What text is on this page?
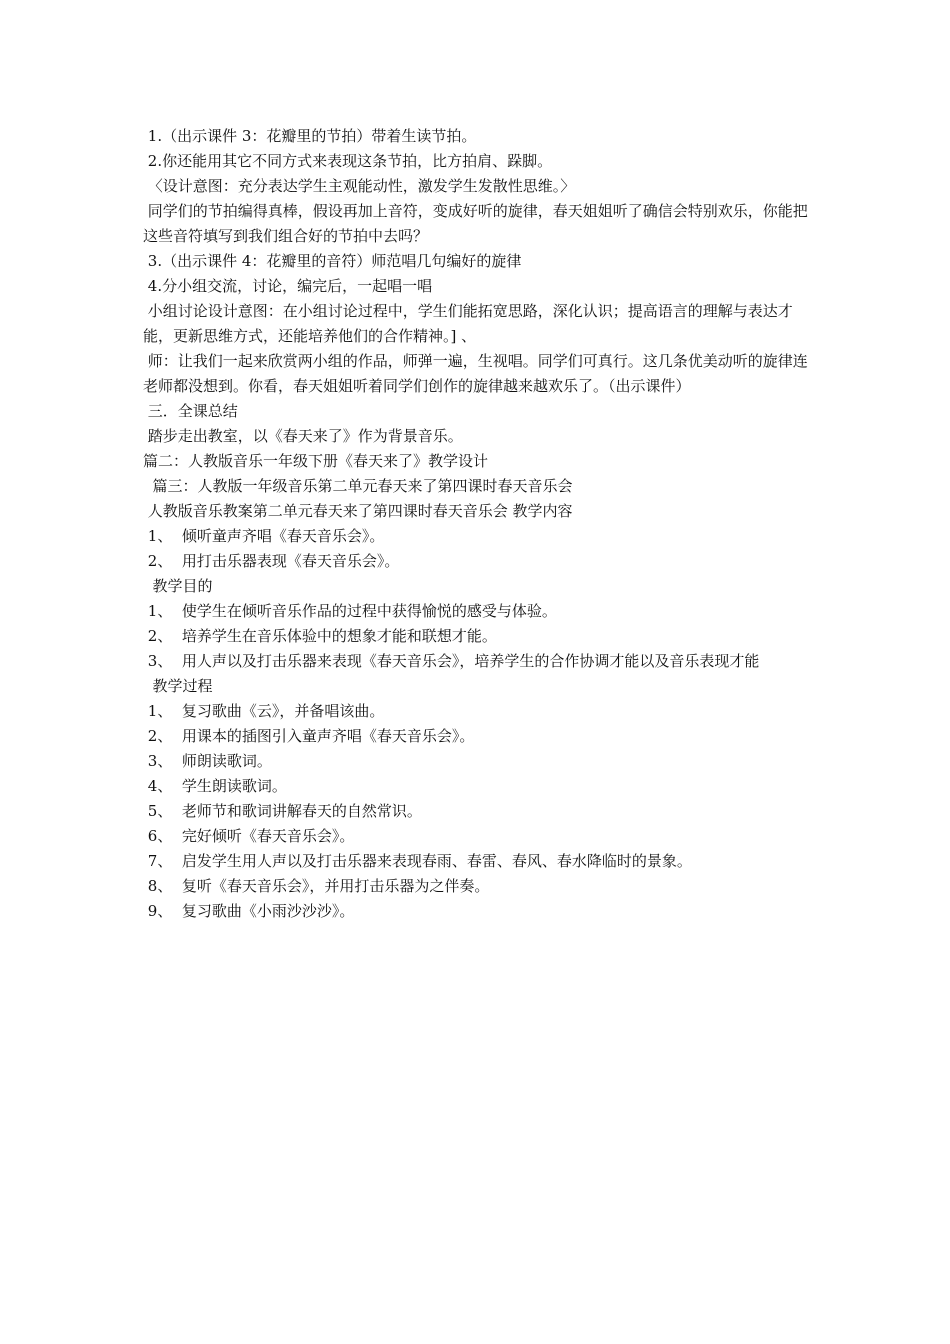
1.（出示课件 3：花瓣里的节拍）带着生读节拍。

2.你还能用其它不同方式来表现这条节拍，比方拍肩、跺脚。

〈设计意图：充分表达学生主观能动性，激发学生发散性思维。〉

同学们的节拍编得真棒，假设再加上音符，变成好听的旋律，春天姐姐听了确信会特别欢乐，你能把这些音符填写到我们组合好的节拍中去吗？

3.（出示课件 4：花瓣里的音符）师范唱几句编好的旋律

4.分小组交流，讨论，编完后，一起唱一唱

小组讨论设计意图：在小组讨论过程中，学生们能拓宽思路，深化认识；提高语言的理解与表达才能，更新思维方式，还能培养他们的合作精神。] 、

师：让我们一起来欣赏两小组的作品，师弹一遍，生视唱。同学们可真行。这几条优美动听的旋律连老师都没想到。你看，春天姐姐听着同学们创作的旋律越来越欢乐了。（出示课件）

三．全课总结

踏步走出教室，以《春天来了》作为背景音乐。

篇二：人教版音乐一年级下册《春天来了》教学设计

篇三：人教版一年级音乐第二单元春天来了第四课时春天音乐会

人教版音乐教案第二单元春天来了第四课时春天音乐会 教学内容

1、  倾听童声齐唱《春天音乐会》。

2、  用打击乐器表现《春天音乐会》。

教学目的

1、  使学生在倾听音乐作品的过程中获得愉悦的感受与体验。

2、  培养学生在音乐体验中的想象才能和联想才能。

3、  用人声以及打击乐器来表现《春天音乐会》，培养学生的合作协调才能以及音乐表现才能

教学过程

1、  复习歌曲《云》，并备唱该曲。

2、  用课本的插图引入童声齐唱《春天音乐会》。

3、  师朗读歌词。

4、  学生朗读歌词。

5、  老师节和歌词讲解春天的自然常识。

6、  完好倾听《春天音乐会》。

7、  启发学生用人声以及打击乐器来表现春雨、春雷、春风、春水降临时的景象。

8、  复听《春天音乐会》，并用打击乐器为之伴奏。

9、  复习歌曲《小雨沙沙沙》。
